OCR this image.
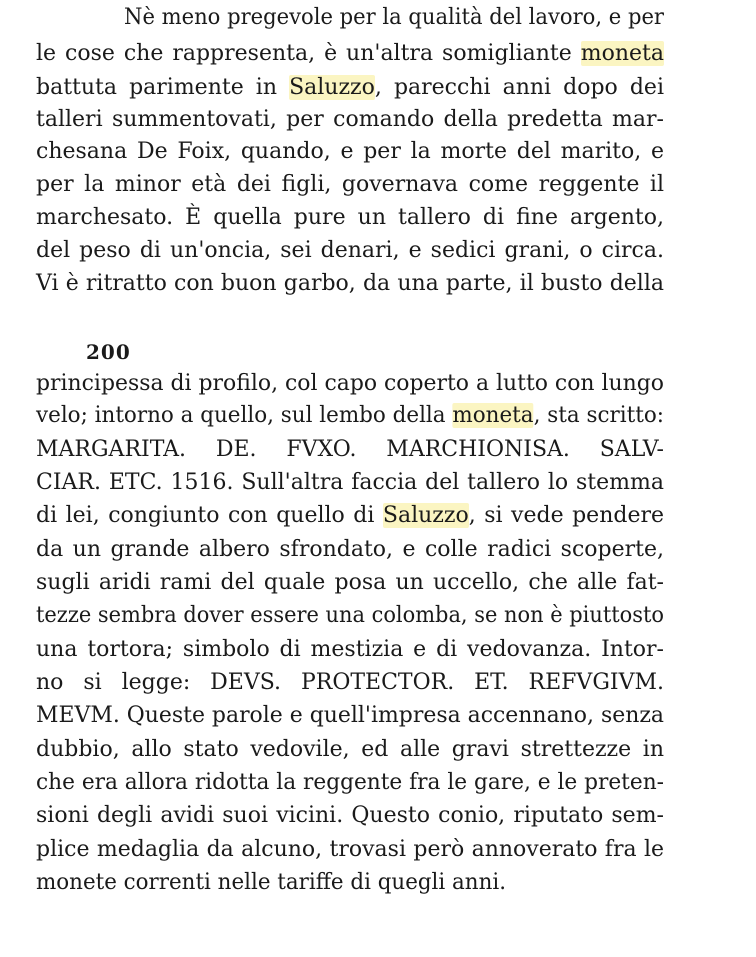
200
Nè meno pregevole per la qualità del lavoro, e per
le cose che rappresenta, è un'altra somigliante moneta
battuta parimente in Saluzzo, parecchi anni dopo dei
talleri summentovati, per comando della predetta mar-
chesana De Foix, quando, e per la morte del marito, e
per la minor età dei figli, governava come reggente il
marchesato. È quella pure un tallero di fine argento,
del peso di un'oncia, sei denari, e sedici grani, o circa.
Vi è ritratto con buon garbo, da una parte, il busto della
principessa di profilo, col capo coperto a lutto con lungo
velo; intorno a quello, sul lembo della moneta, sta scritto:
MARGARITA. DE. FVXO. MARCHIONISA. SALV-
CIAR. ETC. 1516. Sull'altra faccia del tallero lo stemma
di lei, congiunto con quello di Saluzzo, si vede pendere
da un grande albero sfrondato, e colle radici scoperte,
sugli aridi rami del quale posa un uccello, che alle fat-
tezze sembra dover essere una colomba, se non è piuttosto
una tortora; simbolo di mestizia e di vedovanza. Intor-
no si legge: DEVS. PROTECTOR. ET. REFVGIVM.
MEVM. Queste parole e quell'impresa accennano, senza
dubbio, allo stato vedovile, ed alle gravi strettezze in
che era allora ridotta la reggente fra le gare, e le preten-
sioni degli avidi suoi vicini. Questo conio, riputato sem-
plice medaglia da alcuno, trovasi però annoverato fra le
monete correnti nelle tariffe di quegli anni.
